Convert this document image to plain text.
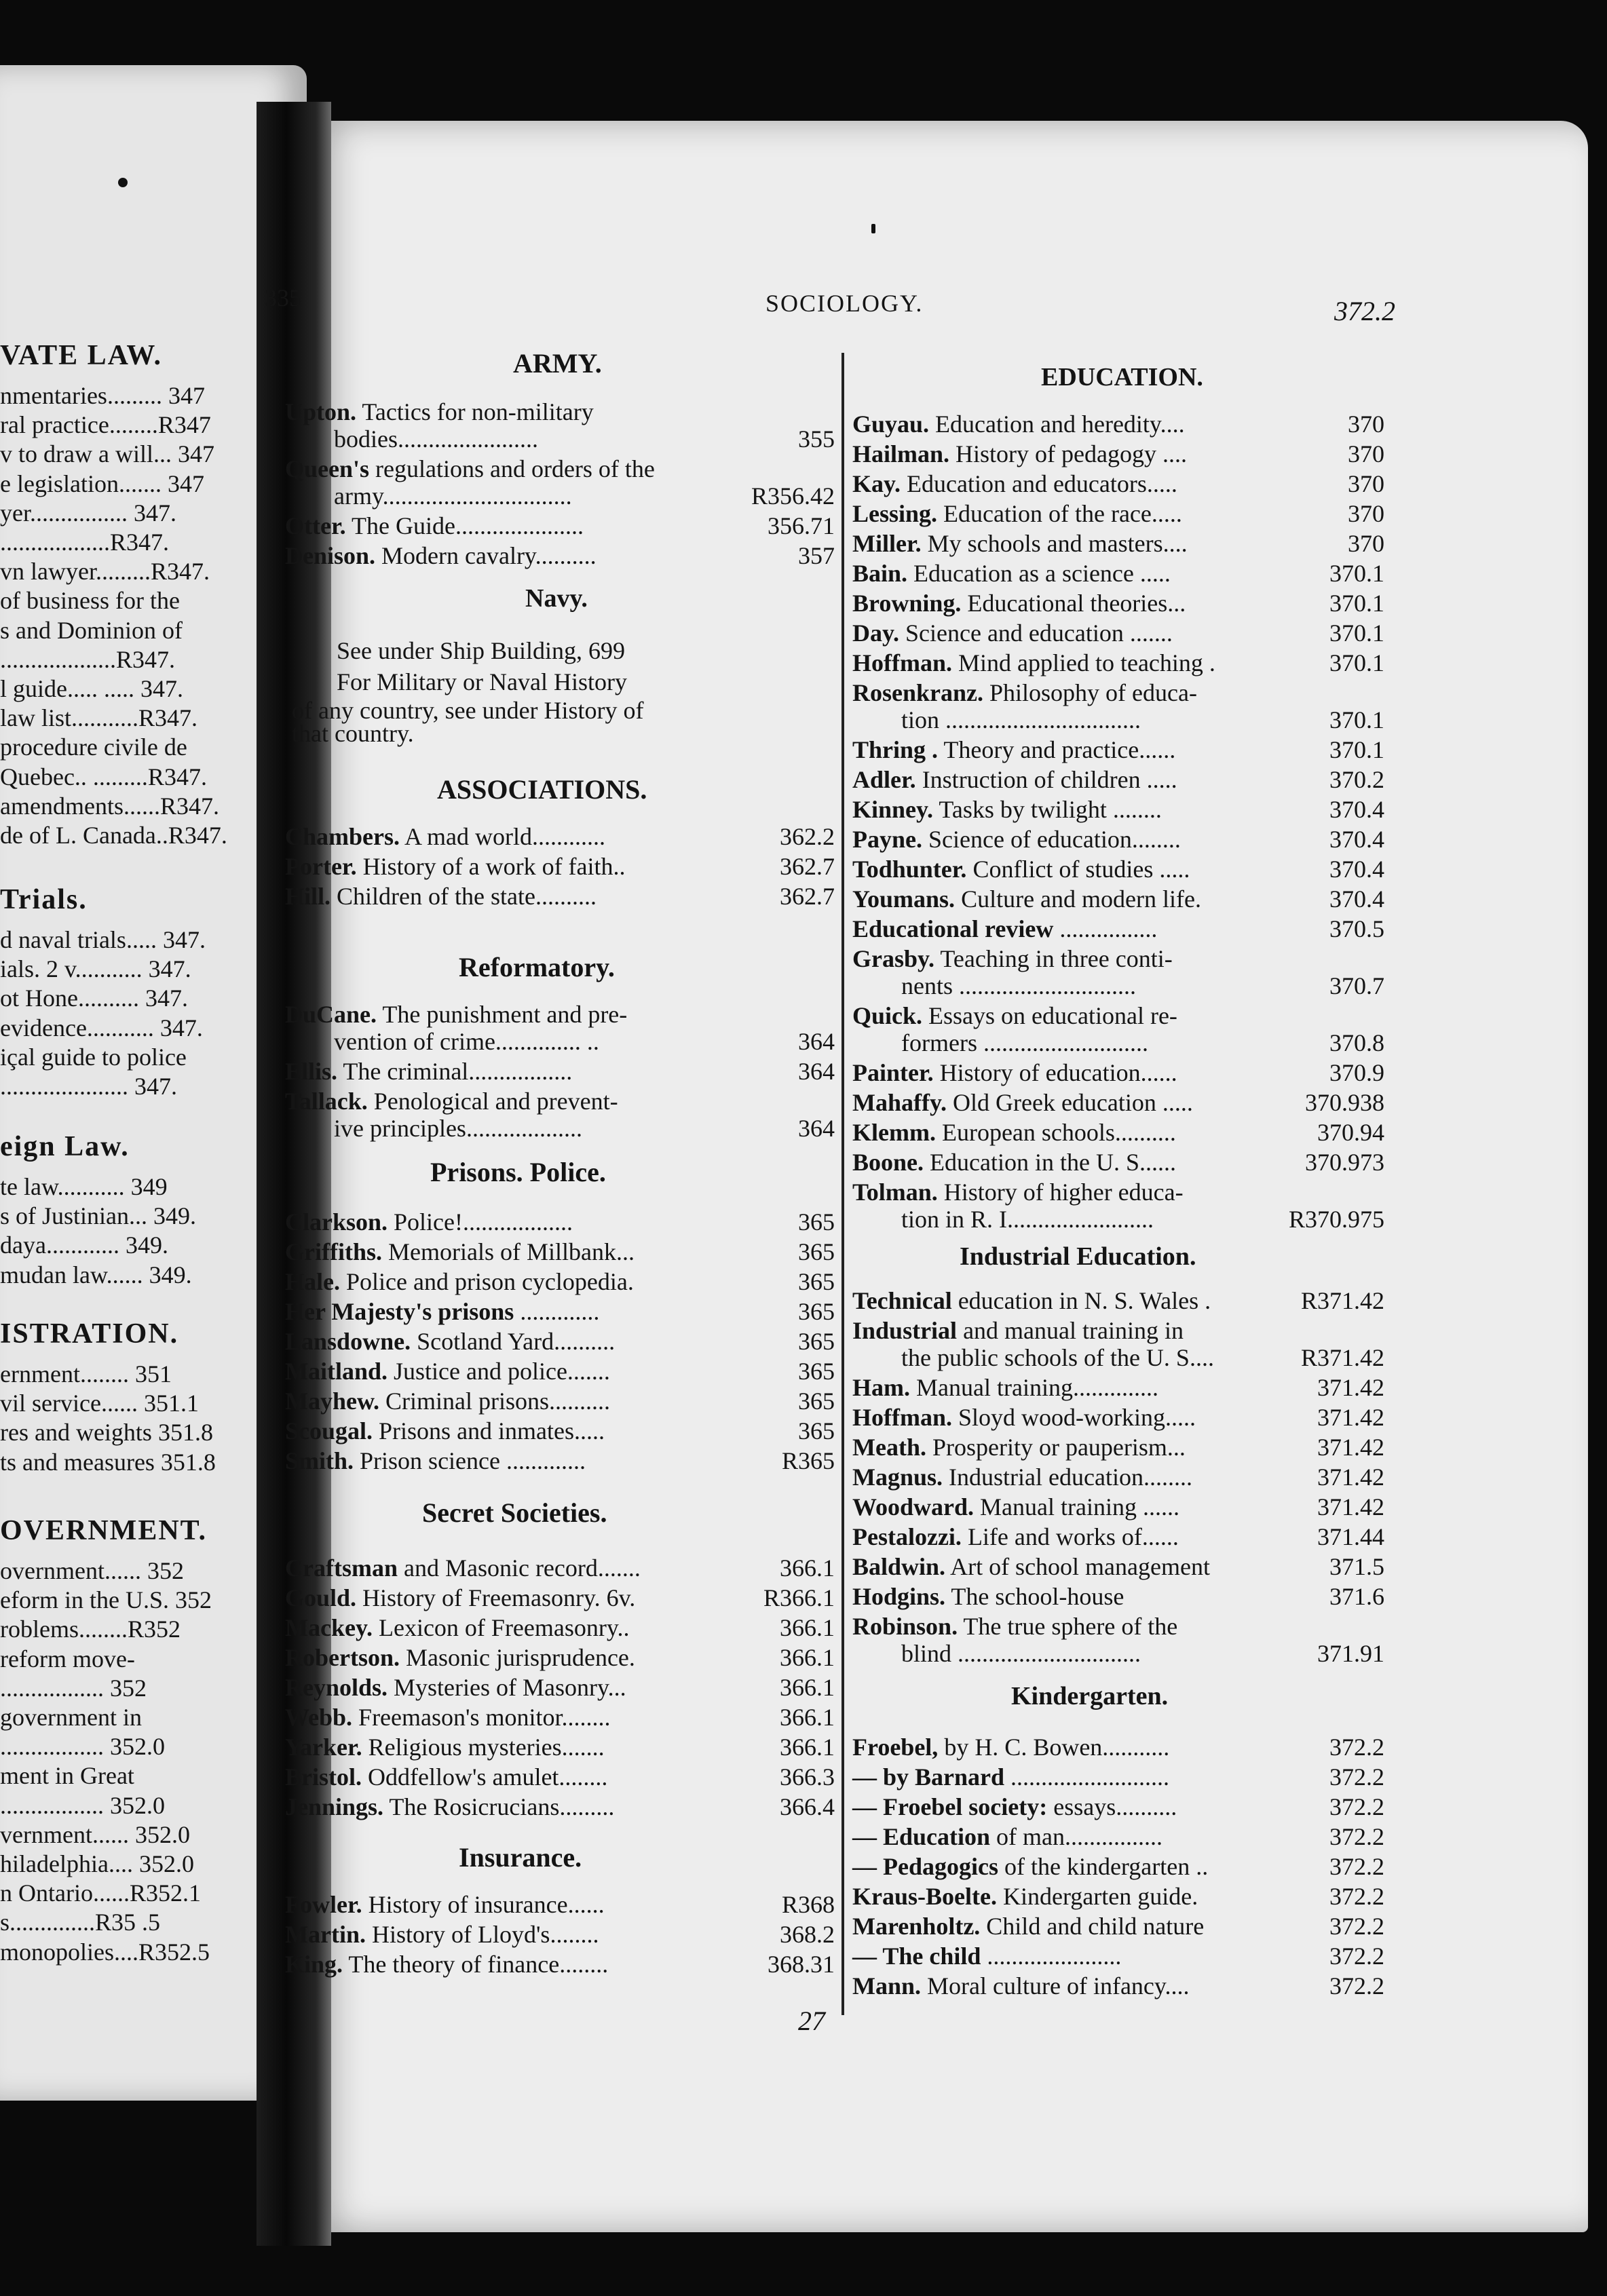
335	SOCIOLOGY.	372.2
27
VATE LAW.
nmentaries......... 347
ral practice........R347
v to draw a will... 347
e legislation....... 347
yer................ 347.
..................R347.
vn lawyer.........R347.
of business for the
s and Dominion of
...................R347.
l guide..... ..... 347.
law list...........R347.
procedure civile de
Quebec.. .........R347.
amendments......R347.
de of L. Canada..R347.
Trials.
d naval trials..... 347.
ials. 2 v........... 347.
ot Hone.......... 347.
evidence........... 347.
içal guide to police
..................... 347.
eign Law.
te law........... 349
s of Justinian... 349.
daya............ 349.
mudan law...... 349.
ISTRATION.
ernment........ 351
vil service...... 351.1
res and weights 351.8
ts and measures 351.8
OVERNMENT.
overnment...... 352
eform in the U.S. 352
roblems........R352
reform move-
................. 352
government in
................. 352.0
ment in Great
................. 352.0
vernment...... 352.0
hiladelphia.... 352.0
n Ontario......R352.1
s..............R35 .5
monopolies....R352.5
ARMY.
Upton. Tactics for non-military
bodies.......................	355
Queen's regulations and orders of the
army...............................	R356.42
Otter. The Guide.....................	356.71
Denison. Modern cavalry..........	357
Navy.
See under Ship Building, 699
For Military or Naval History
of any country, see under History of
that country.
ASSOCIATIONS.
Chambers. A mad world............	362.2
Porter. History of a work of faith..	362.7
Hill. Children of the state..........	362.7
Reformatory.
DuCane. The punishment and pre-
vention of crime.............. ..	364
Ellis. The criminal.................	364
Tallack. Penological and prevent-
ive principles...................	364
Prisons. Police.
Clarkson. Police!..................	365
Griffiths. Memorials of Millbank...	365
Hale. Police and prison cyclopedia.	365
Her Majesty's prisons .............	365
Lansdowne. Scotland Yard..........	365
Maitland. Justice and police.......	365
Mayhew. Criminal prisons..........	365
Scougal. Prisons and inmates.....	365
Smith. Prison science .............	R365
Secret Societies.
Craftsman and Masonic record.......	366.1
Gould. History of Freemasonry. 6v.	R366.1
Mackey. Lexicon of Freemasonry..	366.1
Robertson. Masonic jurisprudence.	366.1
Reynolds. Mysteries of Masonry...	366.1
Webb. Freemason's monitor........	366.1
Yarker. Religious mysteries.......	366.1
Bristol. Oddfellow's amulet........	366.3
Jennings. The Rosicrucians.........	366.4
Insurance.
Fowler. History of insurance......	R368
Martin. History of Lloyd's........	368.2
King. The theory of finance........	368.31
EDUCATION.
Guyau. Education and heredity....	370
Hailman. History of pedagogy ....	370
Kay. Education and educators.....	370
Lessing. Education of the race.....	370
Miller. My schools and masters....	370
Bain. Education as a science .....	370.1
Browning. Educational theories...	370.1
Day. Science and education .......	370.1
Hoffman. Mind applied to teaching .	370.1
Rosenkranz. Philosophy of educa-
tion ................................	370.1
Thring . Theory and practice......	370.1
Adler. Instruction of children .....	370.2
Kinney. Tasks by twilight ........	370.4
Payne. Science of education........	370.4
Todhunter. Conflict of studies .....	370.4
Youmans. Culture and modern life.	370.4
Educational review ................	370.5
Grasby. Teaching in three conti-
nents .............................	370.7
Quick. Essays on educational re-
formers ...........................	370.8
Painter. History of education......	370.9
Mahaffy. Old Greek education .....	370.938
Klemm. European schools..........	370.94
Boone. Education in the U. S......	370.973
Tolman. History of higher educa-
tion in R. I........................	R370.975
Industrial Education.
Technical education in N. S. Wales .	R371.42
Industrial and manual training in
the public schools of the U. S....	R371.42
Ham. Manual training..............	371.42
Hoffman. Sloyd wood-working.....	371.42
Meath. Prosperity or pauperism...	371.42
Magnus. Industrial education........	371.42
Woodward. Manual training ......	371.42
Pestalozzi. Life and works of......	371.44
Baldwin. Art of school management	371.5
Hodgins. The school-house	371.6
Robinson. The true sphere of the
blind ..............................	371.91
Kindergarten.
Froebel, by H. C. Bowen...........	372.2
— by Barnard ..........................	372.2
— Froebel society: essays..........	372.2
— Education of man................	372.2
— Pedagogics of the kindergarten ..	372.2
Kraus-Boelte. Kindergarten guide.	372.2
Marenholtz. Child and child nature	372.2
— The child ......................	372.2
Mann. Moral culture of infancy....	372.2
